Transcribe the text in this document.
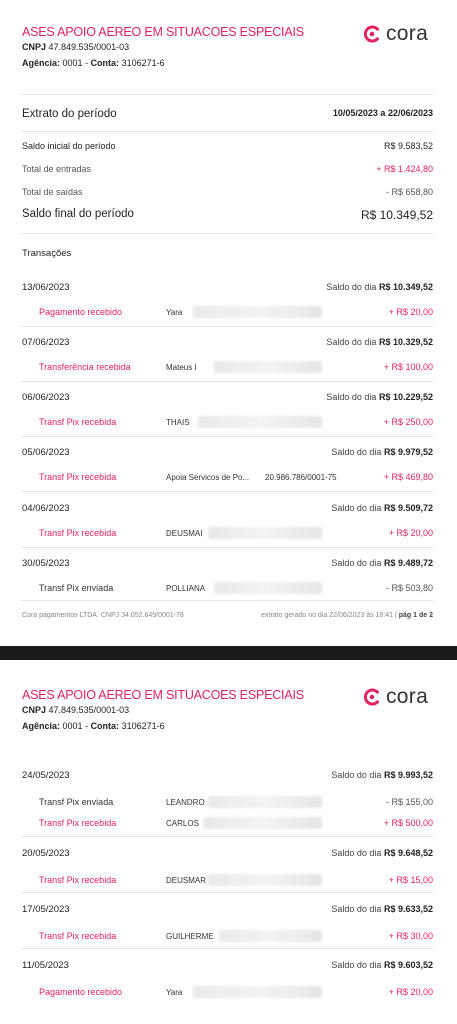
ASES APOIO AEREO EM SITUACOES ESPECIAIS
CNPJ 47.849.535/0001-03
Agência: 0001 - Conta: 3106271-6
cora
Extrato do período	10/05/2023 a 22/06/2023
Saldo inicial do período	R$ 9.583,52
Total de entradas	+ R$ 1.424,80
Total de saídas	- R$ 658,80
Saldo final do período	R$ 10.349,52
Transações
13/06/2023	Saldo do dia R$ 10.349,52
Pagamento recebido	Yara	+ R$ 20,00
07/06/2023	Saldo do dia R$ 10.329,52
Transferência recebida	Mateus I	+ R$ 100,00
06/06/2023	Saldo do dia R$ 10.229,52
Transf Pix recebida	THAIS	+ R$ 250,00
05/06/2023	Saldo do dia R$ 9.979,52
Transf Pix recebida	Apoia Servicos de Po... 20.986.786/0001-75	+ R$ 469,80
04/06/2023	Saldo do dia R$ 9.509,72
Transf Pix recebida	DEUSMAI	+ R$ 20,00
30/05/2023	Saldo do dia R$ 9.489,72
Transf Pix enviada	POLLIANA	- R$ 503,80
Cora pagamentos LTDA. CNPJ 34.052.649/0001-78	extrato gerado no dia 22/06/2023 às 18:41 | pág 1 de 2
ASES APOIO AEREO EM SITUACOES ESPECIAIS
CNPJ 47.849.535/0001-03
Agência: 0001 - Conta: 3106271-6
cora
24/05/2023	Saldo do dia R$ 9.993,52
Transf Pix enviada	LEANDRO	- R$ 155,00
Transf Pix recebida	CARLOS	+ R$ 500,00
20/05/2023	Saldo do dia R$ 9.648,52
Transf Pix recebida	DEUSMAR	+ R$ 15,00
17/05/2023	Saldo do dia R$ 9.633,52
Transf Pix recebida	GUILHERME	+ R$ 30,00
11/05/2023	Saldo do dia R$ 9.603,52
Pagamento recebido	Yara	+ R$ 20,00
